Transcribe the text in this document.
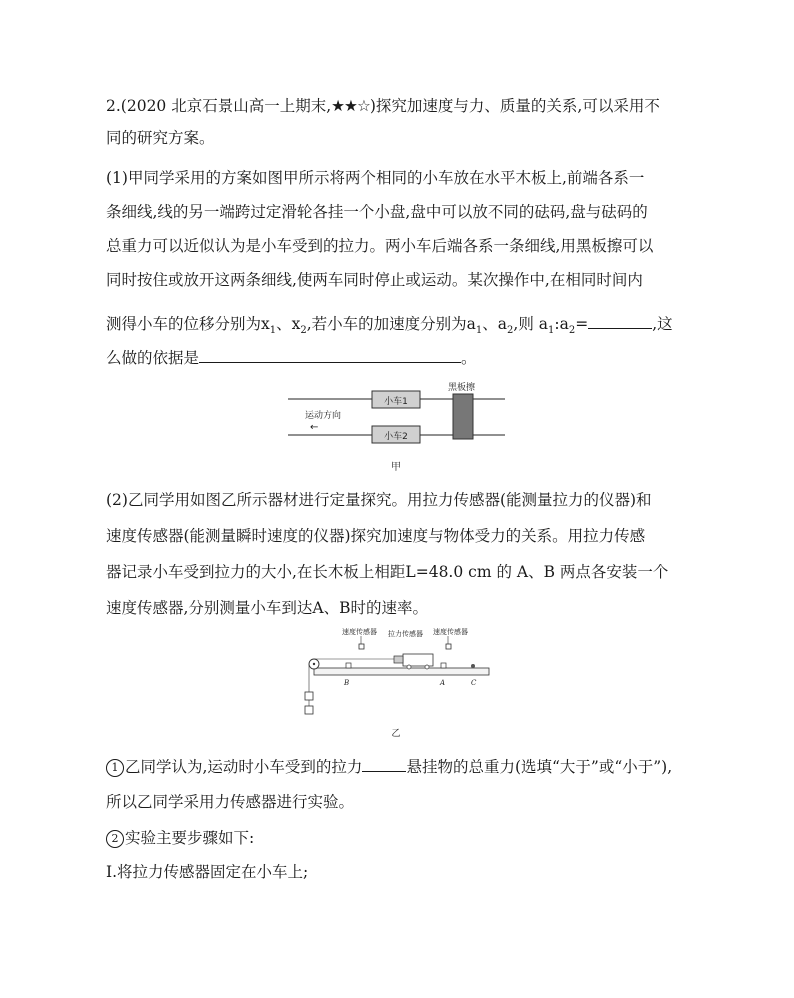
2.(2020 北京石景山高一上期末,★★☆)探究加速度与力、质量的关系,可以采用不
同的研究方案。
(1)甲同学采用的方案如图甲所示将两个相同的小车放在水平木板上,前端各系一
条细线,线的另一端跨过定滑轮各挂一个小盘,盘中可以放不同的砝码,盘与砝码的
总重力可以近似认为是小车受到的拉力。两小车后端各系一条细线,用黑板擦可以
同时按住或放开这两条细线,使两车同时停止或运动。某次操作中,在相同时间内
测得小车的位移分别为$x_1$、$x_2$,若小车的加速度分别为$a_1$、$a_2$,则 $a_1:a_2=$	,这
么做的依据是	。
小车1
小车2
黑板擦
运动方向
←
甲
(2)乙同学用如图乙所示器材进行定量探究。用拉力传感器(能测量拉力的仪器)和
速度传感器(能测量瞬时速度的仪器)探究加速度与物体受力的关系。用拉力传感
器记录小车受到拉力的大小,在长木板上相距L=48.0 cm 的 A、B 两点各安装一个
速度传感器,分别测量小车到达A、B时的速率。
速度传感器 拉力传感器 速度传感器
B	A	C
乙
1 乙同学认为,运动时小车受到的拉力	悬挂物的总重力(选填“大于”或“小于”),
所以乙同学采用力传感器进行实验。
2 实验主要步骤如下:
Ⅰ.将拉力传感器固定在小车上;
